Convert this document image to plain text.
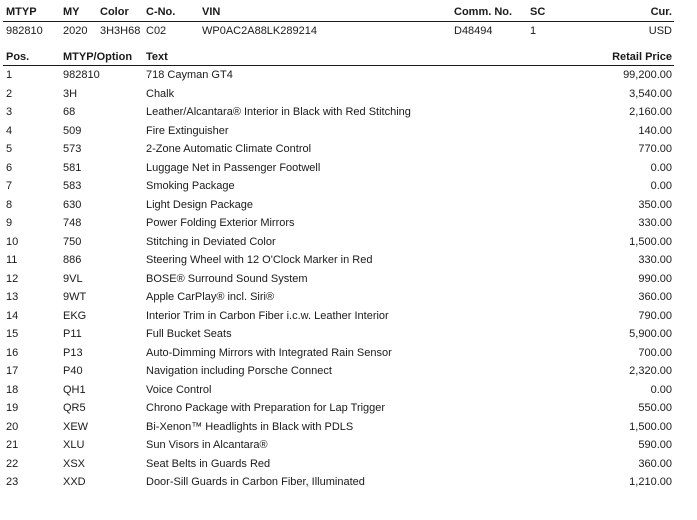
MTYP MY Color C-No. VIN	Comm. No. SC	Cur.
982810 2020 3H3H68 C02	WP0AC2A88LK289214	D48494	1	USD
Pos.	MTYP/Option Text	Retail Price
1	982810	718 Cayman GT4	99,200.00
2	3H	Chalk	3,540.00
3	68	Leather/Alcantara® Interior in Black with Red Stitching	2,160.00
4	509	Fire Extinguisher	140.00
5	573	2-Zone Automatic Climate Control	770.00
6	581	Luggage Net in Passenger Footwell	0.00
7	583	Smoking Package	0.00
8	630	Light Design Package	350.00
9	748	Power Folding Exterior Mirrors	330.00
10	750	Stitching in Deviated Color	1,500.00
11	886	Steering Wheel with 12 O'Clock Marker in Red	330.00
12	9VL	BOSE® Surround Sound System	990.00
13	9WT	Apple CarPlay® incl. Siri®	360.00
14	EKG	Interior Trim in Carbon Fiber i.c.w. Leather Interior	790.00
15	P11	Full Bucket Seats	5,900.00
16	P13	Auto-Dimming Mirrors with Integrated Rain Sensor	700.00
17	P40	Navigation including Porsche Connect	2,320.00
18	QH1	Voice Control	0.00
19	QR5	Chrono Package with Preparation for Lap Trigger	550.00
20	XEW	Bi-Xenon™ Headlights in Black with PDLS	1,500.00
21	XLU	Sun Visors in Alcantara®	590.00
22	XSX	Seat Belts in Guards Red	360.00
23	XXD	Door-Sill Guards in Carbon Fiber, Illuminated	1,210.00
